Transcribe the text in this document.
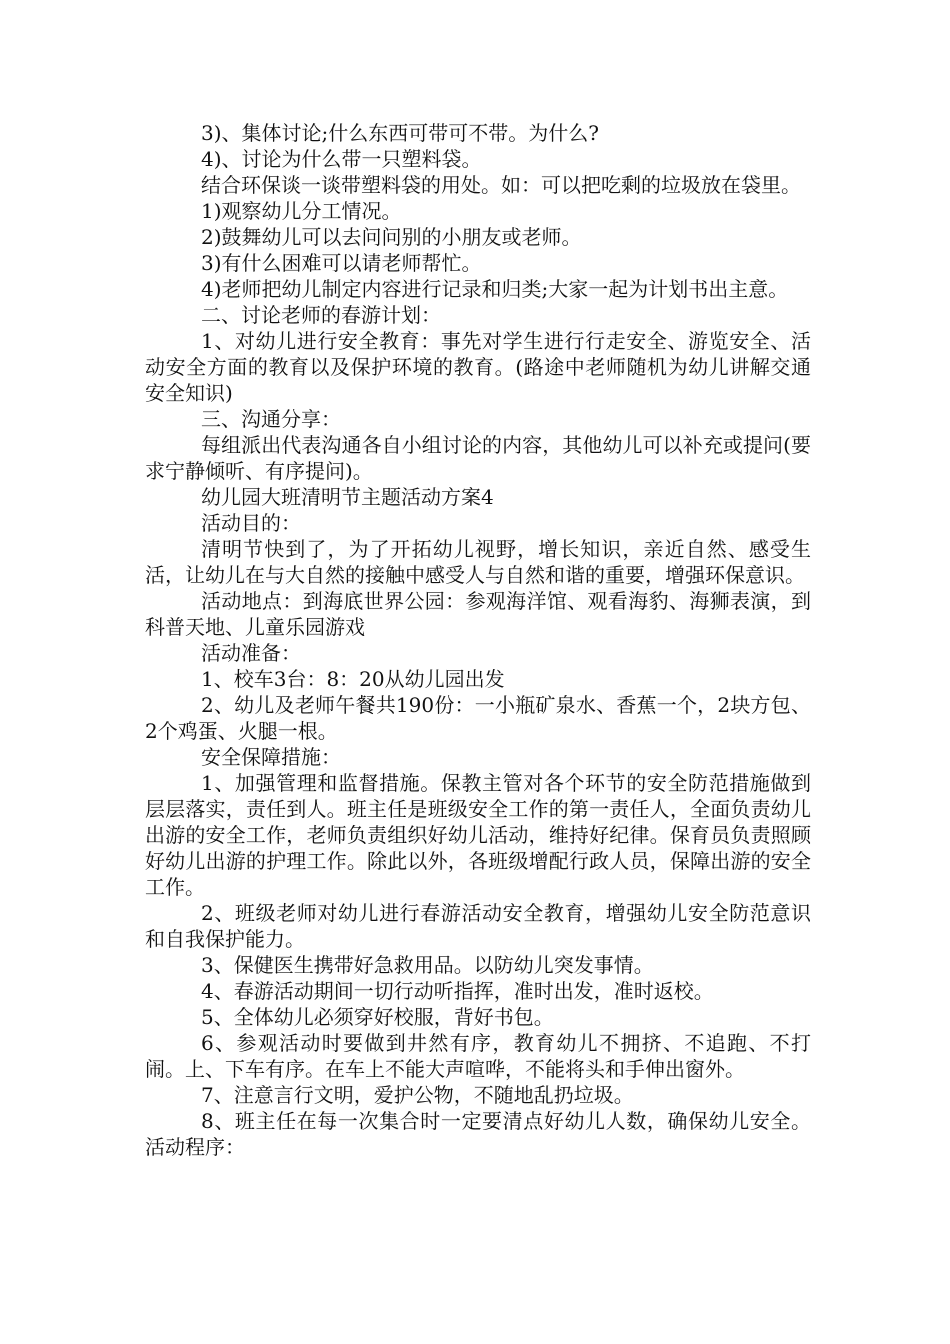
3)、集体讨论;什么东西可带可不带。为什么?

4)、讨论为什么带一只塑料袋。

结合环保谈一谈带塑料袋的用处。如：可以把吃剩的垃圾放在袋里。

1)观察幼儿分工情况。

2)鼓舞幼儿可以去问问别的小朋友或老师。

3)有什么困难可以请老师帮忙。

4)老师把幼儿制定内容进行记录和归类;大家一起为计划书出主意。

二、讨论老师的春游计划：

1、对幼儿进行安全教育：事先对学生进行行走安全、游览安全、活动安全方面的教育以及保护环境的教育。(路途中老师随机为幼儿讲解交通安全知识)

三、沟通分享：

每组派出代表沟通各自小组讨论的内容，其他幼儿可以补充或提问(要求宁静倾听、有序提问)。

幼儿园大班清明节主题活动方案4

活动目的：

清明节快到了，为了开拓幼儿视野，增长知识，亲近自然、感受生活，让幼儿在与大自然的接触中感受人与自然和谐的重要，增强环保意识。

活动地点：到海底世界公园：参观海洋馆、观看海豹、海狮表演，到科普天地、儿童乐园游戏

活动准备：

1、校车3台：8：20从幼儿园出发

2、幼儿及老师午餐共190份：一小瓶矿泉水、香蕉一个，2块方包、2个鸡蛋、火腿一根。

安全保障措施：

1、加强管理和监督措施。保教主管对各个环节的安全防范措施做到层层落实，责任到人。班主任是班级安全工作的第一责任人，全面负责幼儿出游的安全工作，老师负责组织好幼儿活动，维持好纪律。保育员负责照顾好幼儿出游的护理工作。除此以外，各班级增配行政人员，保障出游的安全工作。

2、班级老师对幼儿进行春游活动安全教育，增强幼儿安全防范意识和自我保护能力。

3、保健医生携带好急救用品。以防幼儿突发事情。

4、春游活动期间一切行动听指挥，准时出发，准时返校。

5、全体幼儿必须穿好校服，背好书包。

6、参观活动时要做到井然有序，教育幼儿不拥挤、不追跑、不打闹。上、下车有序。在车上不能大声喧哗，不能将头和手伸出窗外。

7、注意言行文明，爱护公物，不随地乱扔垃圾。

8、班主任在每一次集合时一定要清点好幼儿人数，确保幼儿安全。活动程序：
